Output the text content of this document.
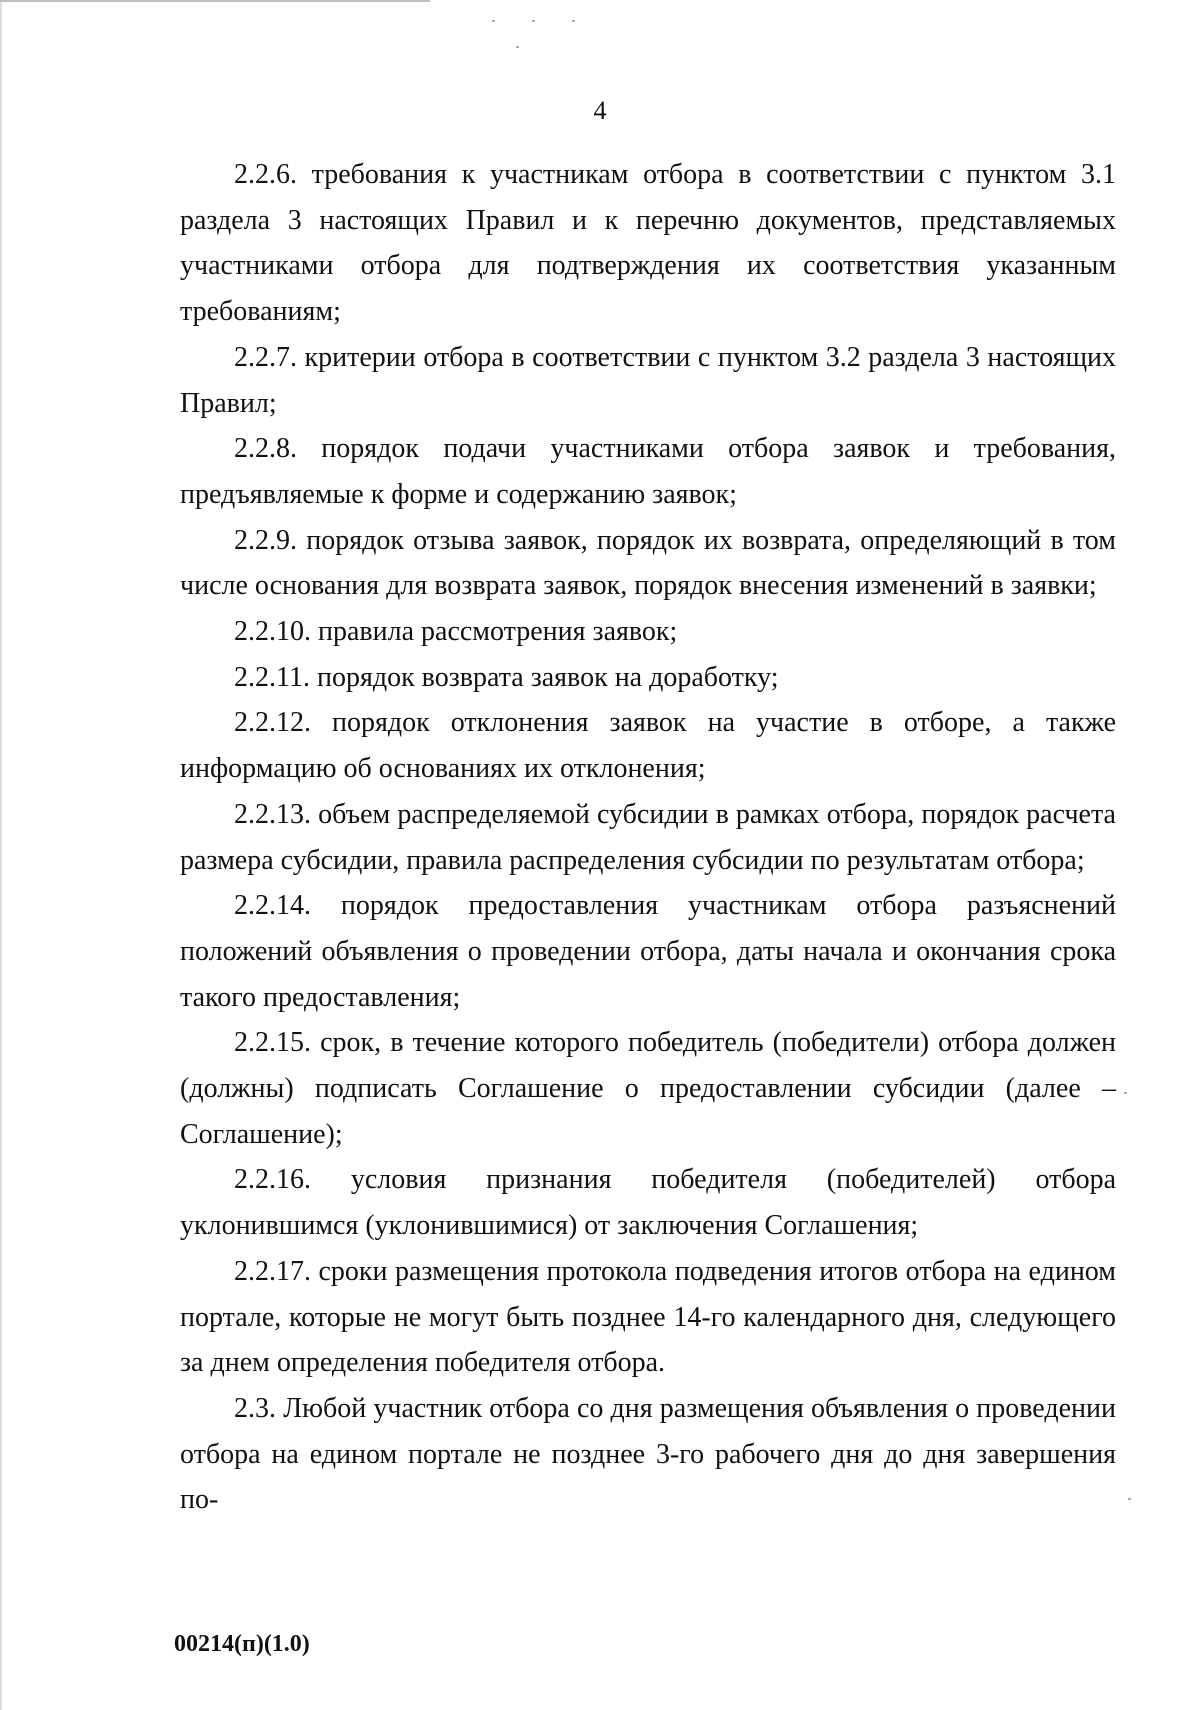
4

2.2.6. требования к участникам отбора в соответствии с пунктом 3.1 раздела 3 настоящих Правил и к перечню документов, представляемых участниками отбора для подтверждения их соответствия указанным требованиям;

2.2.7. критерии отбора в соответствии с пунктом 3.2 раздела 3 настоящих Правил;

2.2.8. порядок подачи участниками отбора заявок и требования, предъявляемые к форме и содержанию заявок;

2.2.9. порядок отзыва заявок, порядок их возврата, определяющий в том числе основания для возврата заявок, порядок внесения изменений в заявки;

2.2.10. правила рассмотрения заявок;

2.2.11. порядок возврата заявок на доработку;

2.2.12. порядок отклонения заявок на участие в отборе, а также информацию об основаниях их отклонения;

2.2.13. объем распределяемой субсидии в рамках отбора, порядок расчета размера субсидии, правила распределения субсидии по результатам отбора;

2.2.14. порядок предоставления участникам отбора разъяснений положений объявления о проведении отбора, даты начала и окончания срока такого предоставления;

2.2.15. срок, в течение которого победитель (победители) отбора должен (должны) подписать Соглашение о предоставлении субсидии (далее – Соглашение);

2.2.16. условия признания победителя (победителей) отбора уклонившимся (уклонившимися) от заключения Соглашения;

2.2.17. сроки размещения протокола подведения итогов отбора на едином портале, которые не могут быть позднее 14-го календарного дня, следующего за днем определения победителя отбора.

2.3. Любой участник отбора со дня размещения объявления о проведении отбора на едином портале не позднее 3-го рабочего дня до дня завершения по-

00214(п)(1.0)
